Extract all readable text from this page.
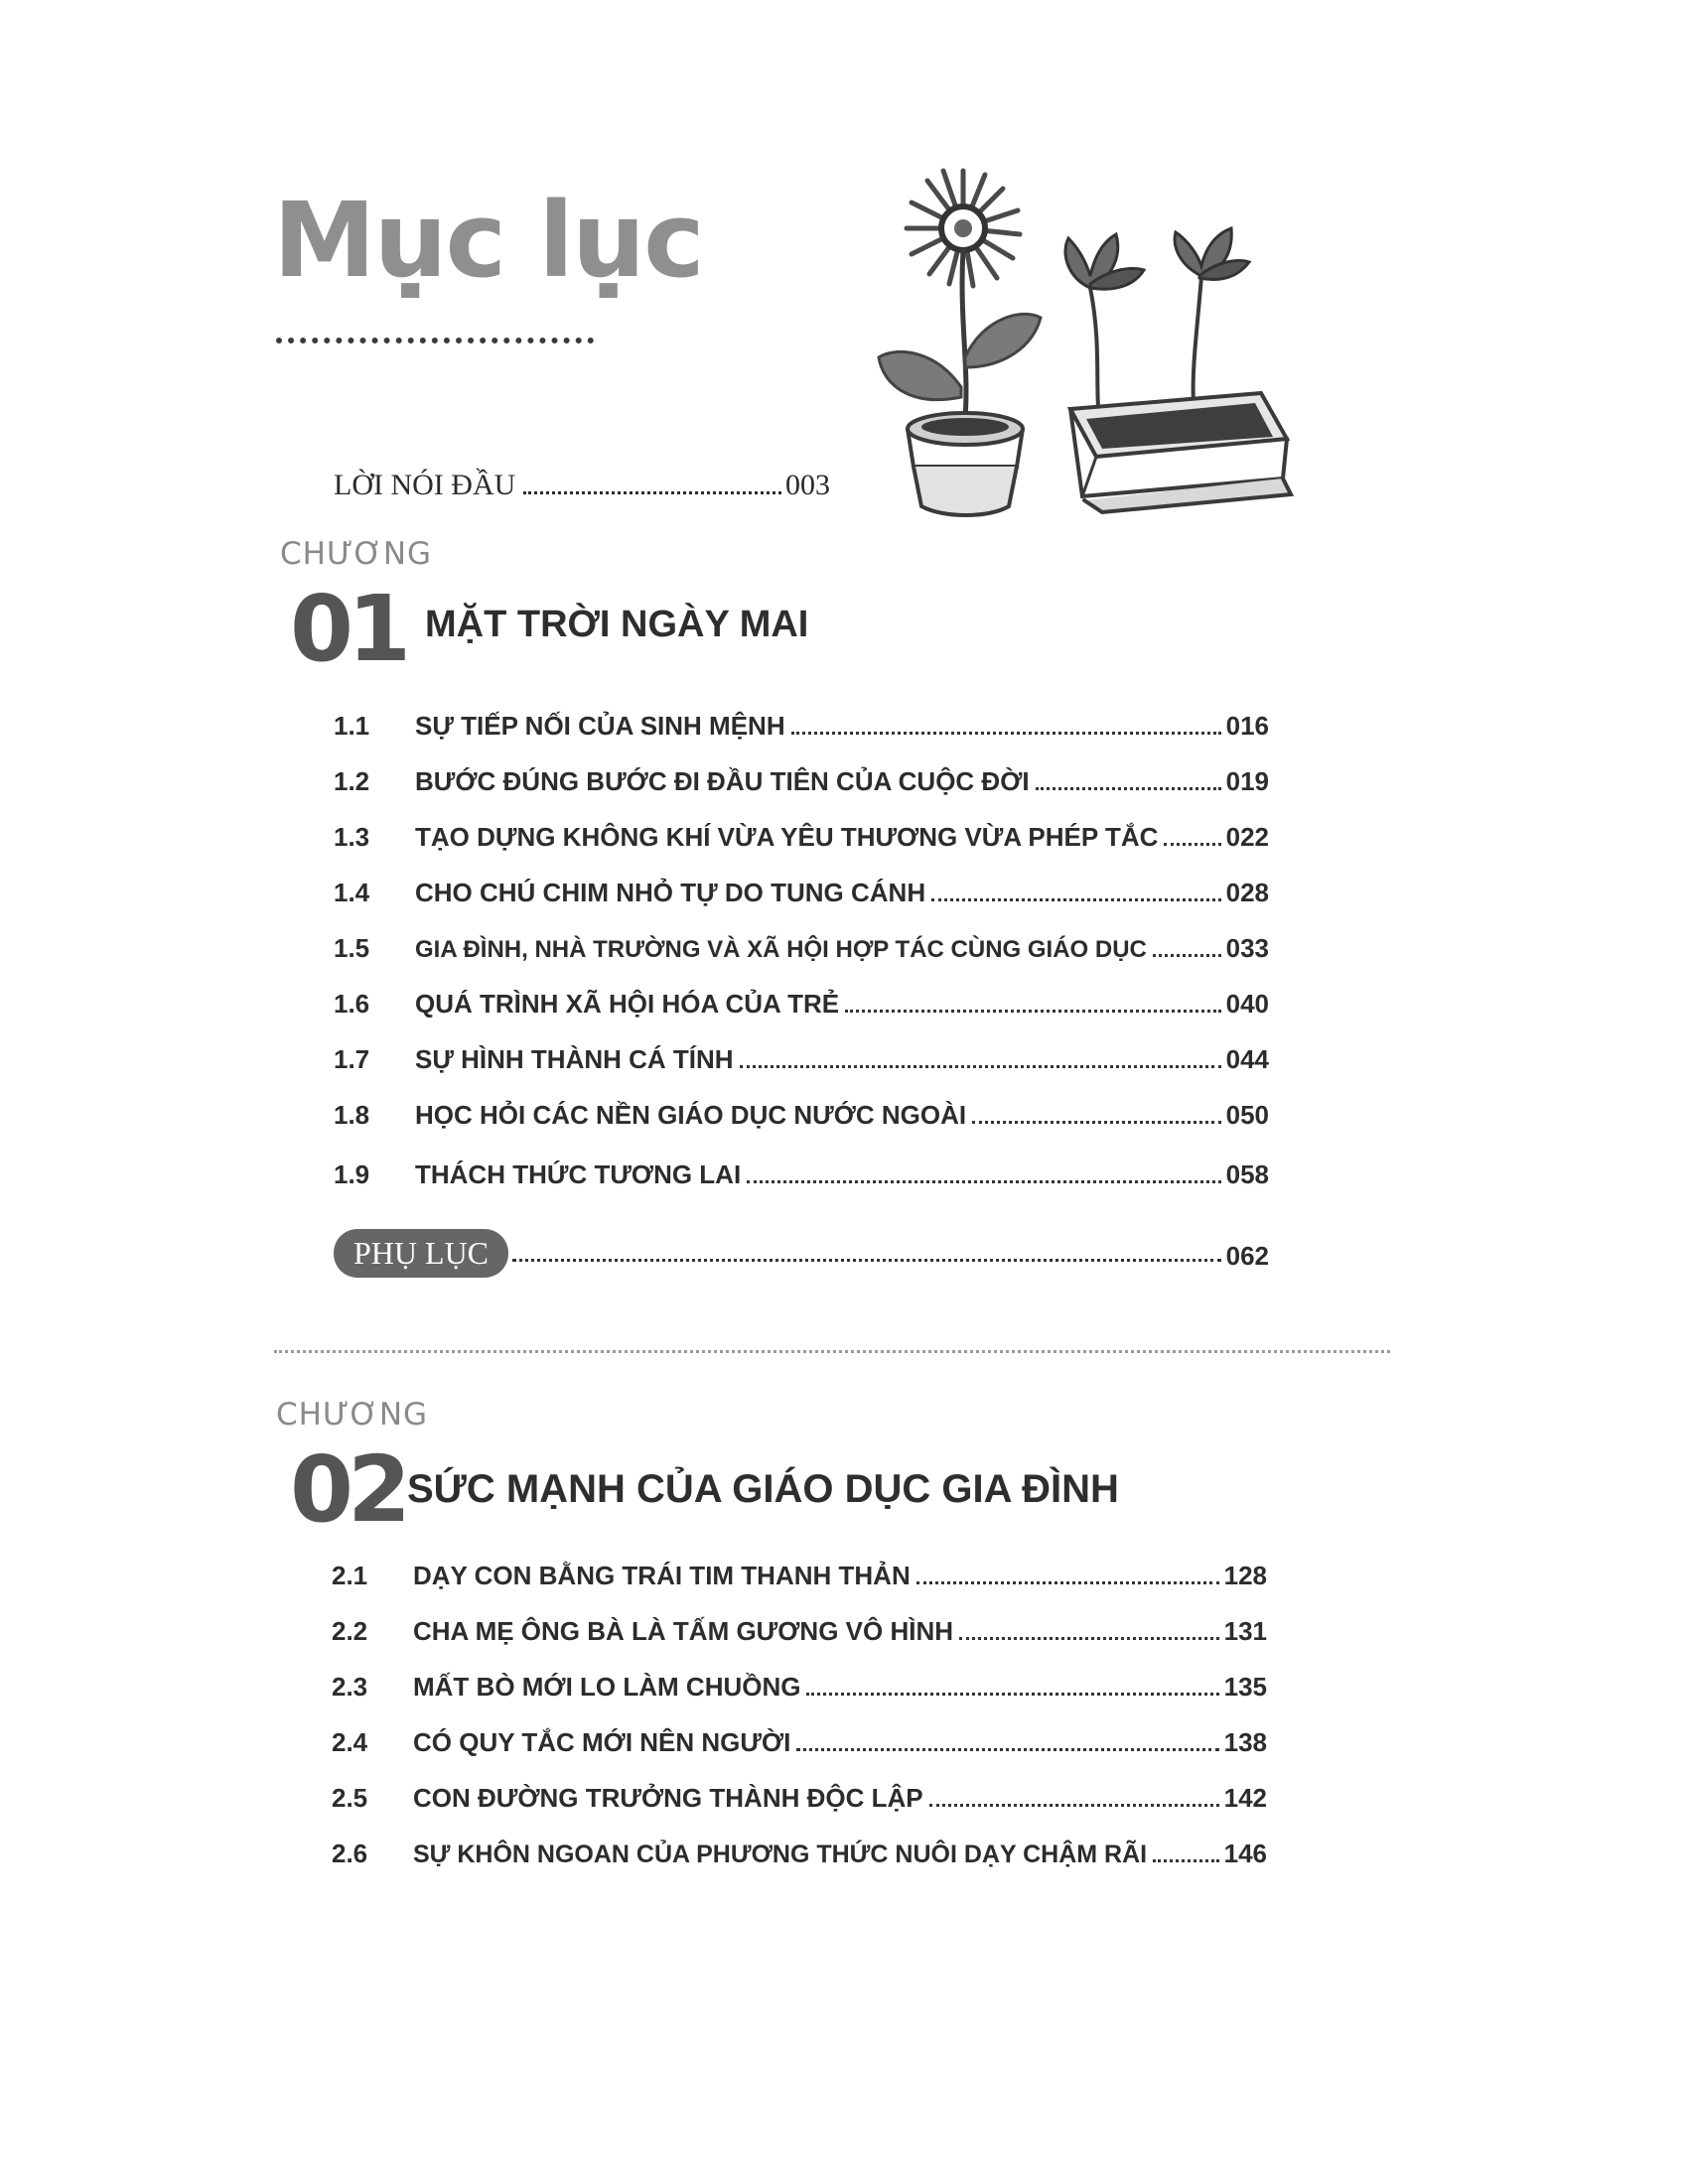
Mục lục
LỜI NÓI ĐẦU	003
CHƯƠNG
01 MẶT TRỜI NGÀY MAI
1.1	SỰ TIẾP NỐI CỦA SINH MỆNH	016
1.2	BƯỚC ĐÚNG BƯỚC ĐI ĐẦU TIÊN CỦA CUỘC ĐỜI	019
1.3	TẠO DỰNG KHÔNG KHÍ VỪA YÊU THƯƠNG VỪA PHÉP TẮC	022
1.4	CHO CHÚ CHIM NHỎ TỰ DO TUNG CÁNH	028
1.5	GIA ĐÌNH, NHÀ TRƯỜNG VÀ XÃ HỘI HỢP TÁC CÙNG GIÁO DỤC	033
1.6	QUÁ TRÌNH XÃ HỘI HÓA CỦA TRẺ	040
1.7	SỰ HÌNH THÀNH CÁ TÍNH	044
1.8	HỌC HỎI CÁC NỀN GIÁO DỤC NƯỚC NGOÀI	050
1.9	THÁCH THỨC TƯƠNG LAI	058
PHỤ LỤC	062
CHƯƠNG
02 SỨC MẠNH CỦA GIÁO DỤC GIA ĐÌNH
2.1	DẠY CON BẰNG TRÁI TIM THANH THẢN	128
2.2	CHA MẸ ÔNG BÀ LÀ TẤM GƯƠNG VÔ HÌNH	131
2.3	MẤT BÒ MỚI LO LÀM CHUỒNG	135
2.4	CÓ QUY TẮC MỚI NÊN NGƯỜI	138
2.5	CON ĐƯỜNG TRƯỞNG THÀNH ĐỘC LẬP	142
2.6	SỰ KHÔN NGOAN CỦA PHƯƠNG THỨC NUÔI DẠY CHẬM RÃI	146
